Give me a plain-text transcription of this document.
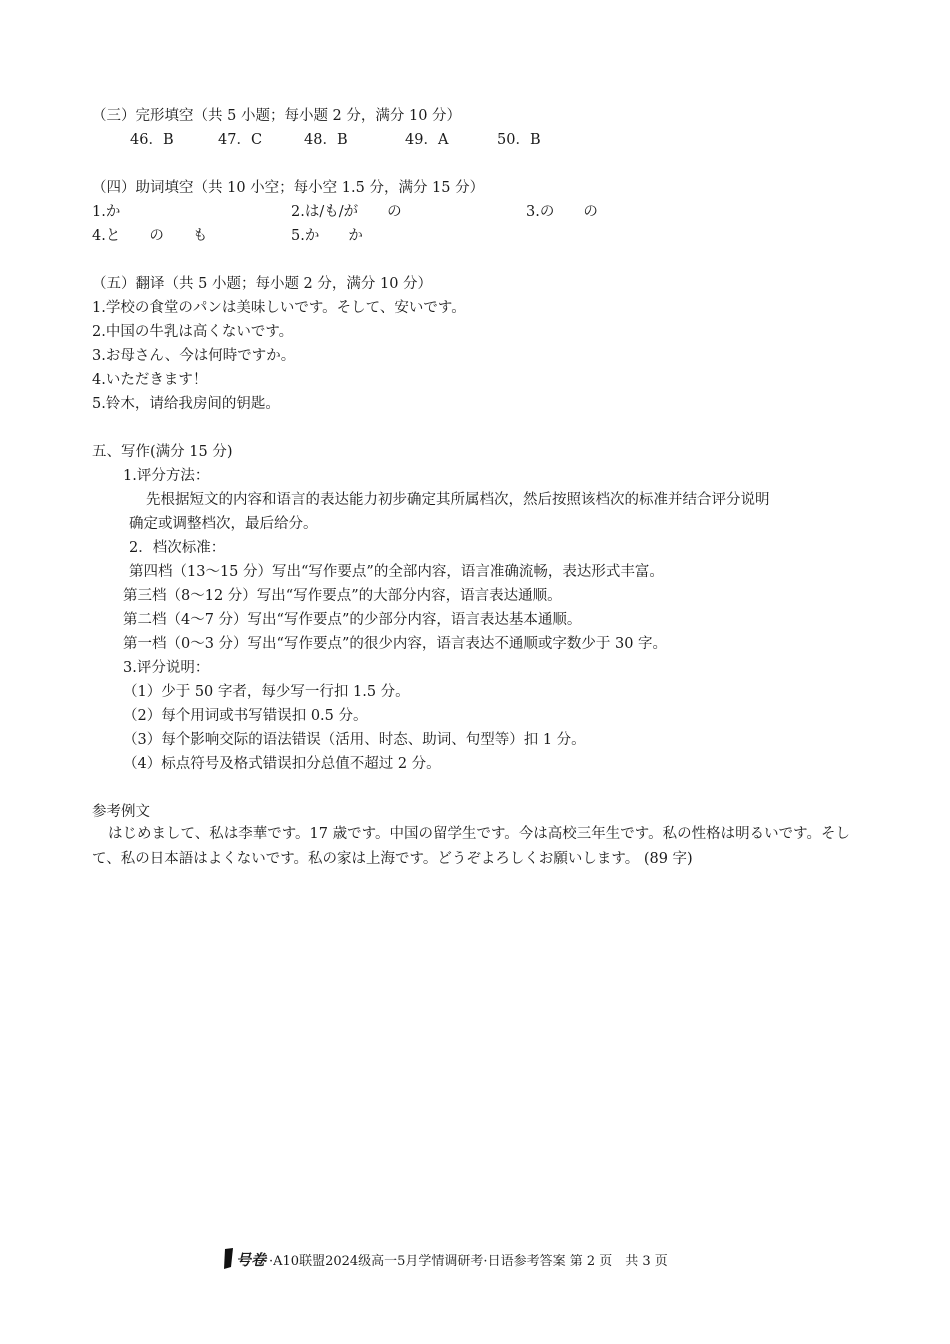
（三）完形填空（共 5 小题；每小题 2 分，满分 10 分）
46．B	47．C	48．B	49．A	50．B
（四）助词填空（共 10 小空；每小空 1.5 分，满分 15 分）
1.か	2.は/も/が　　の	3.の　　の
4.と　　の　　も	5.か　　か
（五）翻译（共 5 小题；每小题 2 分，满分 10 分）
1.学校の食堂のパンは美味しいです。そして、安いです。
2.中国の牛乳は高くないです。
3.お母さん、今は何時ですか。
4.いただきます！
5.铃木，请给我房间的钥匙。
五、写作(满分 15 分)
1.评分方法：
先根据短文的内容和语言的表达能力初步确定其所属档次，然后按照该档次的标准并结合评分说明
确定或调整档次，最后给分。
2．档次标准：
第四档（13～15 分）写出“写作要点”的全部内容，语言准确流畅，表达形式丰富。
第三档（8～12 分）写出“写作要点”的大部分内容，语言表达通顺。
第二档（4～7 分）写出“写作要点”的少部分内容，语言表达基本通顺。
第一档（0～3 分）写出“写作要点”的很少内容，语言表达不通顺或字数少于 30 字。
3.评分说明：
（1）少于 50 字者，每少写一行扣 1.5 分。
（2）每个用词或书写错误扣 0.5 分。
（3）每个影响交际的语法错误（活用、时态、助词、句型等）扣 1 分。
（4）标点符号及格式错误扣分总值不超过 2 分。
参考例文
はじめまして、私は李華です。17 歳です。中国の留学生です。今は高校三年生です。私の性格は明るいです。そして、私の日本語はよくないです。私の家は上海です。どうぞよろしくお願いします。 (89 字)
号卷 ·A10联盟2024级高一5月学情调研考·日语参考答案 第 2 页　共 3 页
